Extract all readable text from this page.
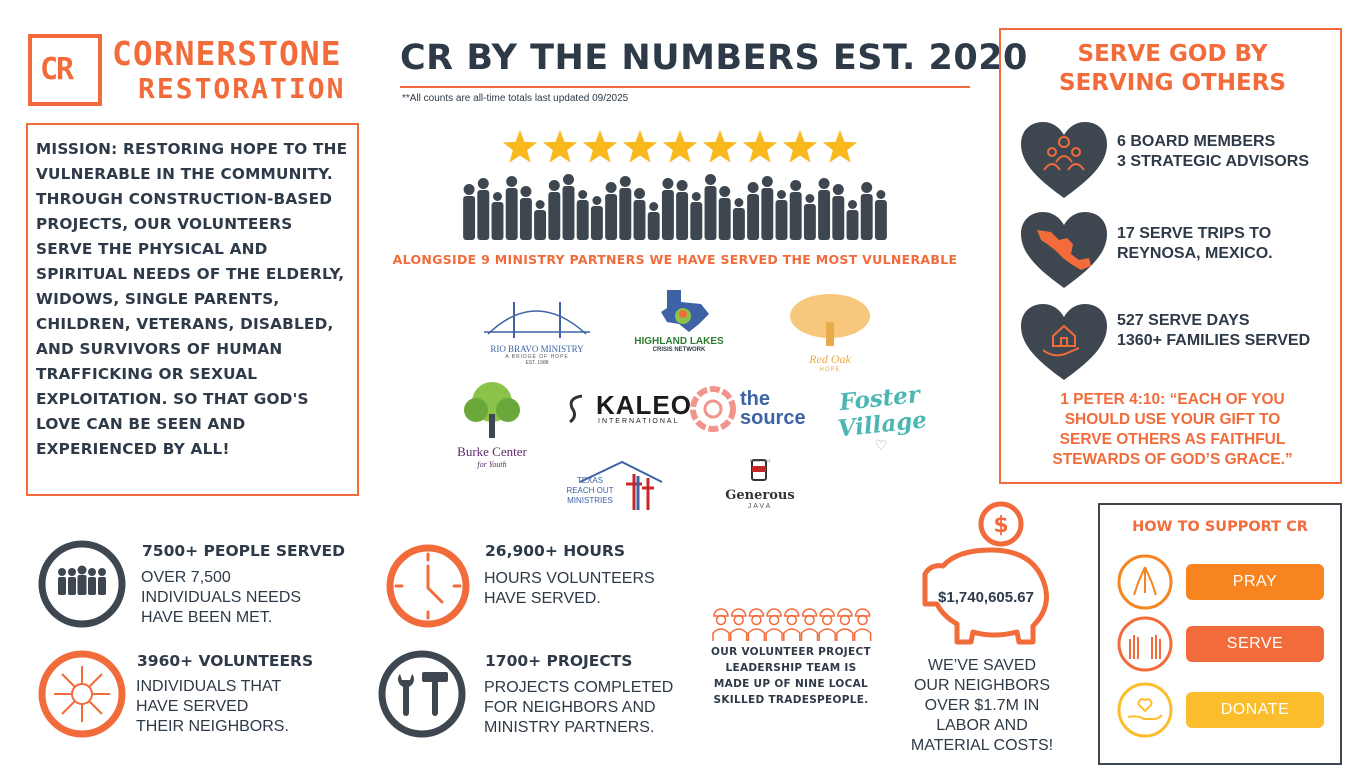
CR CORNERSTONE
RESTORATION
CR BY THE NUMBERS EST. 2020
**All counts are all-time totals last updated 09/2025
MISSION: RESTORING HOPE TO THE VULNERABLE IN THE COMMUNITY. THROUGH CONSTRUCTION-BASED PROJECTS, OUR VOLUNTEERS SERVE THE PHYSICAL AND SPIRITUAL NEEDS OF THE ELDERLY, WIDOWS, SINGLE PARENTS, CHILDREN, VETERANS, DISABLED, AND SURVIVORS OF HUMAN TRAFFICKING OR SEXUAL EXPLOITATION. SO THAT GOD'S LOVE CAN BE SEEN AND EXPERIENCED BY ALL!
SERVE GOD BY
SERVING OTHERS
6 BOARD MEMBERS
3 STRATEGIC ADVISORS
17 SERVE TRIPS TO
REYNOSA, MEXICO.
527 SERVE DAYS
1360+ FAMILIES SERVED
1 PETER 4:10: “EACH OF YOU
SHOULD USE YOUR GIFT TO
SERVE OTHERS AS FAITHFUL
STEWARDS OF GOD’S GRACE.”
ALONGSIDE 9 MINISTRY PARTNERS WE HAVE SERVED THE MOST VULNERABLE
RIO BRAVO MINISTRY
A BRIDGE OF HOPE
EST. 1988
HIGHLAND LAKES
CRISIS NETWORK
Red Oak
HOPE
Burke Center
for Youth
KALEO
INTERNATIONAL
the
source
Foster
Village
♡
TEXAS
REACH OUT
MINISTRIES
ESTD 2013
Generous
JAVA
7500+ PEOPLE SERVED
OVER 7,500
INDIVIDUALS NEEDS
HAVE BEEN MET.
3960+ VOLUNTEERS
INDIVIDUALS THAT
HAVE SERVED
THEIR NEIGHBORS.
26,900+ HOURS
HOURS VOLUNTEERS
HAVE SERVED.
1700+ PROJECTS
PROJECTS COMPLETED
FOR NEIGHBORS AND
MINISTRY PARTNERS.
OUR VOLUNTEER PROJECT
LEADERSHIP TEAM IS
MADE UP OF NINE LOCAL
SKILLED TRADESPEOPLE.
$
$1,740,605.67
WE’VE SAVED
OUR NEIGHBORS
OVER $1.7M IN
LABOR AND
MATERIAL COSTS!
HOW TO SUPPORT CR
PRAY
SERVE
DONATE
